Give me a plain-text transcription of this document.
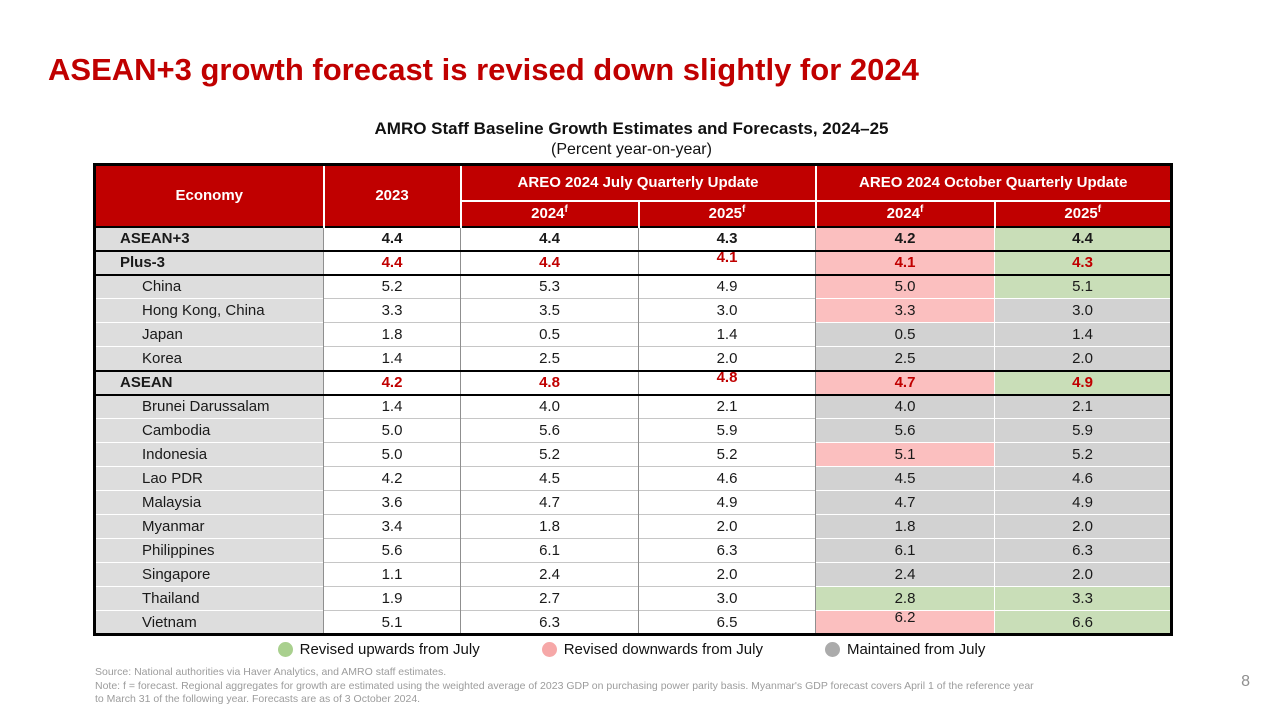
ASEAN+3 growth forecast is revised down slightly for 2024
AMRO Staff Baseline Growth Estimates and Forecasts, 2024–25
(Percent year-on-year)
Economy	2023	AREO 2024 July Quarterly Update		AREO 2024 October Quarterly Update	
		2024$^f$	2025$^f$	2024$^f$	2025$^f$
ASEAN+3	4.4	4.4	4.3	4.2	4.4
Plus-3	4.4	4.4	4.1	4.1	4.3
China	5.2	5.3	4.9	5.0	5.1
Hong Kong, China	3.3	3.5	3.0	3.3	3.0
Japan	1.8	0.5	1.4	0.5	1.4
Korea	1.4	2.5	2.0	2.5	2.0
ASEAN	4.2	4.8	4.8	4.7	4.9
Brunei Darussalam	1.4	4.0	2.1	4.0	2.1
Cambodia	5.0	5.6	5.9	5.6	5.9
Indonesia	5.0	5.2	5.2	5.1	5.2
Lao PDR	4.2	4.5	4.6	4.5	4.6
Malaysia	3.6	4.7	4.9	4.7	4.9
Myanmar	3.4	1.8	2.0	1.8	2.0
Philippines	5.6	6.1	6.3	6.1	6.3
Singapore	1.1	2.4	2.0	2.4	2.0
Thailand	1.9	2.7	3.0	2.8	3.3
Vietnam	5.1	6.3	6.5	6.2	6.6
Revised upwards from July	Revised downwards from July	Maintained from July
Source: National authorities via Haver Analytics, and AMRO staff estimates.
Note: f = forecast. Regional aggregates for growth are estimated using the weighted average of 2023 GDP on purchasing power parity basis. Myanmar's GDP forecast covers April 1 of the reference year to March 31 of the following year. Forecasts are as of 3 October 2024.
8
